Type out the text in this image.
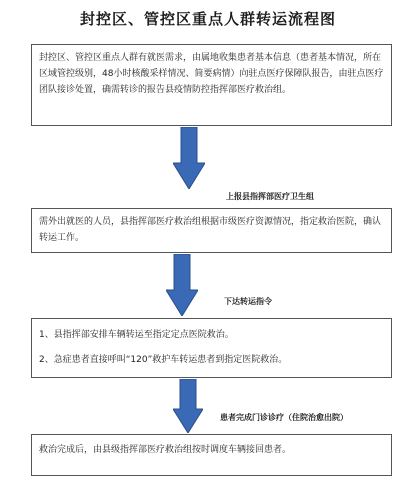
封控区、管控区重点人群转运流程图

封控区、管控区重点人群有就医需求，由属地收集患者基本信息（患者基本情况，所在区域管控级别，48小时核酸采样情况、简要病情）向驻点医疗保障队报告，由驻点医疗团队接诊处置，确需转诊的报告县疫情防控指挥部医疗救治组。

上报县指挥部医疗卫生组

需外出就医的人员，县指挥部医疗救治组根据市级医疗资源情况，指定救治医院，确认转运工作。

下达转运指令

1、县指挥部安排车辆转运至指定定点医院救治。

2、急症患者直接呼叫“120”救护车转运患者到指定医院救治。

患者完成门诊诊疗（住院治愈出院）

救治完成后，由县级指挥部医疗救治组按时调度车辆接回患者。
